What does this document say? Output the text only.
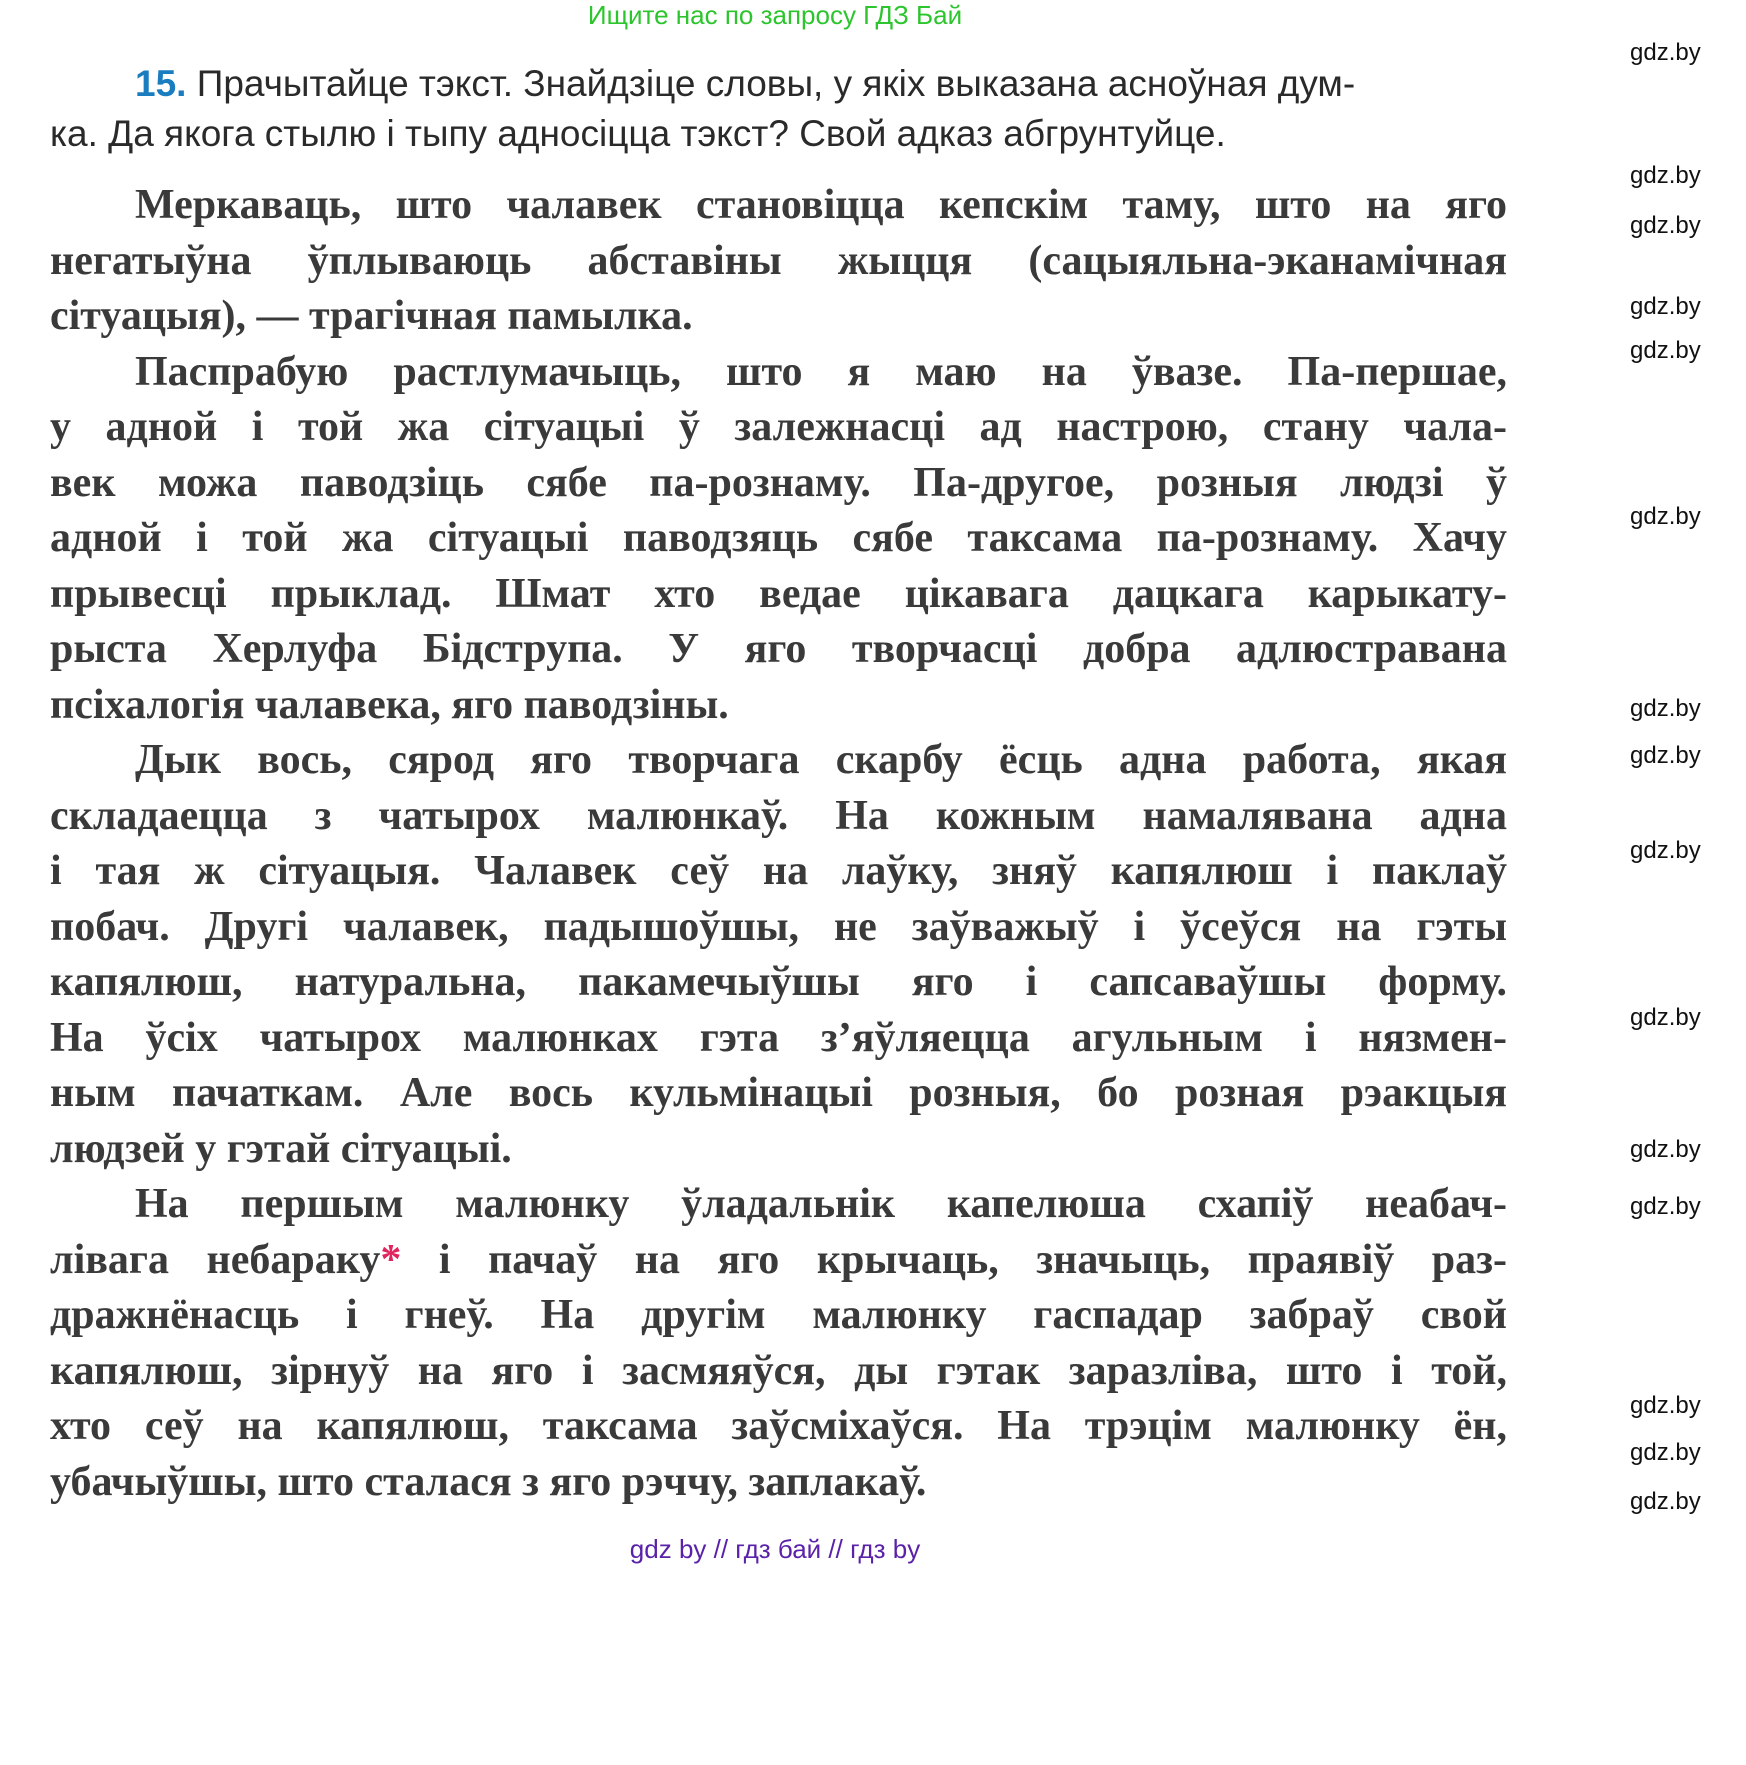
Ищите нас по запросу ГДЗ Бай
15. Прачытайце тэкст. Знайдзіце словы, у якіх выказана асноўная дум-
ка. Да якога стылю і тыпу адносіцца тэкст? Свой адказ абгрунтуйце.
Меркаваць, што чалавек становіцца кепскім таму, што на яго
негатыўна ўплываюць абставіны жыцця (сацыяльна-эканамічная
сітуацыя), — трагічная памылка.
Паспрабую растлумачыць, што я маю на ўвазе. Па-першае,
у адной і той жа сітуацыі ў залежнасці ад настрою, стану чала-
век можа паводзіць сябе па-рознаму. Па-другое, розныя людзі ў
адной і той жа сітуацыі паводзяць сябе таксама па-рознаму. Хачу
прывесці прыклад. Шмат хто ведае цікавага дацкага карыкату-
рыста Херлуфа Бідструпа. У яго творчасці добра адлюстравана
псіхалогія чалавека, яго паводзіны.
Дык вось, сярод яго творчага скарбу ёсць адна работа, якая
складаецца з чатырох малюнкаў. На кожным намалявана адна
і тая ж сітуацыя. Чалавек сеў на лаўку, зняў капялюш і паклаў
побач. Другі чалавек, падышоўшы, не заўважыў і ўсеўся на гэты
капялюш, натуральна, пакамечыўшы яго і сапсаваўшы форму.
На ўсіх чатырох малюнках гэта з’яўляецца агульным і нязмен-
ным пачаткам. Але вось кульмінацыі розныя, бо розная рэакцыя
людзей у гэтай сітуацыі.
На першым малюнку ўладальнік капелюша схапіў неабач-
лівага небараку* і пачаў на яго крычаць, значыць, праявіў раз-
дражнёнасць і гнеў. На другім малюнку гаспадар забраў свой
капялюш, зірнуў на яго і засмяяўся, ды гэтак заразліва, што і той,
хто сеў на капялюш, таксама заўсміхаўся. На трэцім малюнку ён,
убачыўшы, што сталася з яго рэччу, заплакаў.
gdz.by
gdz.by
gdz.by
gdz.by
gdz.by
gdz.by
gdz.by
gdz.by
gdz.by
gdz.by
gdz.by
gdz.by
gdz.by
gdz.by
gdz.by
gdz by // гдз бай // гдз by
